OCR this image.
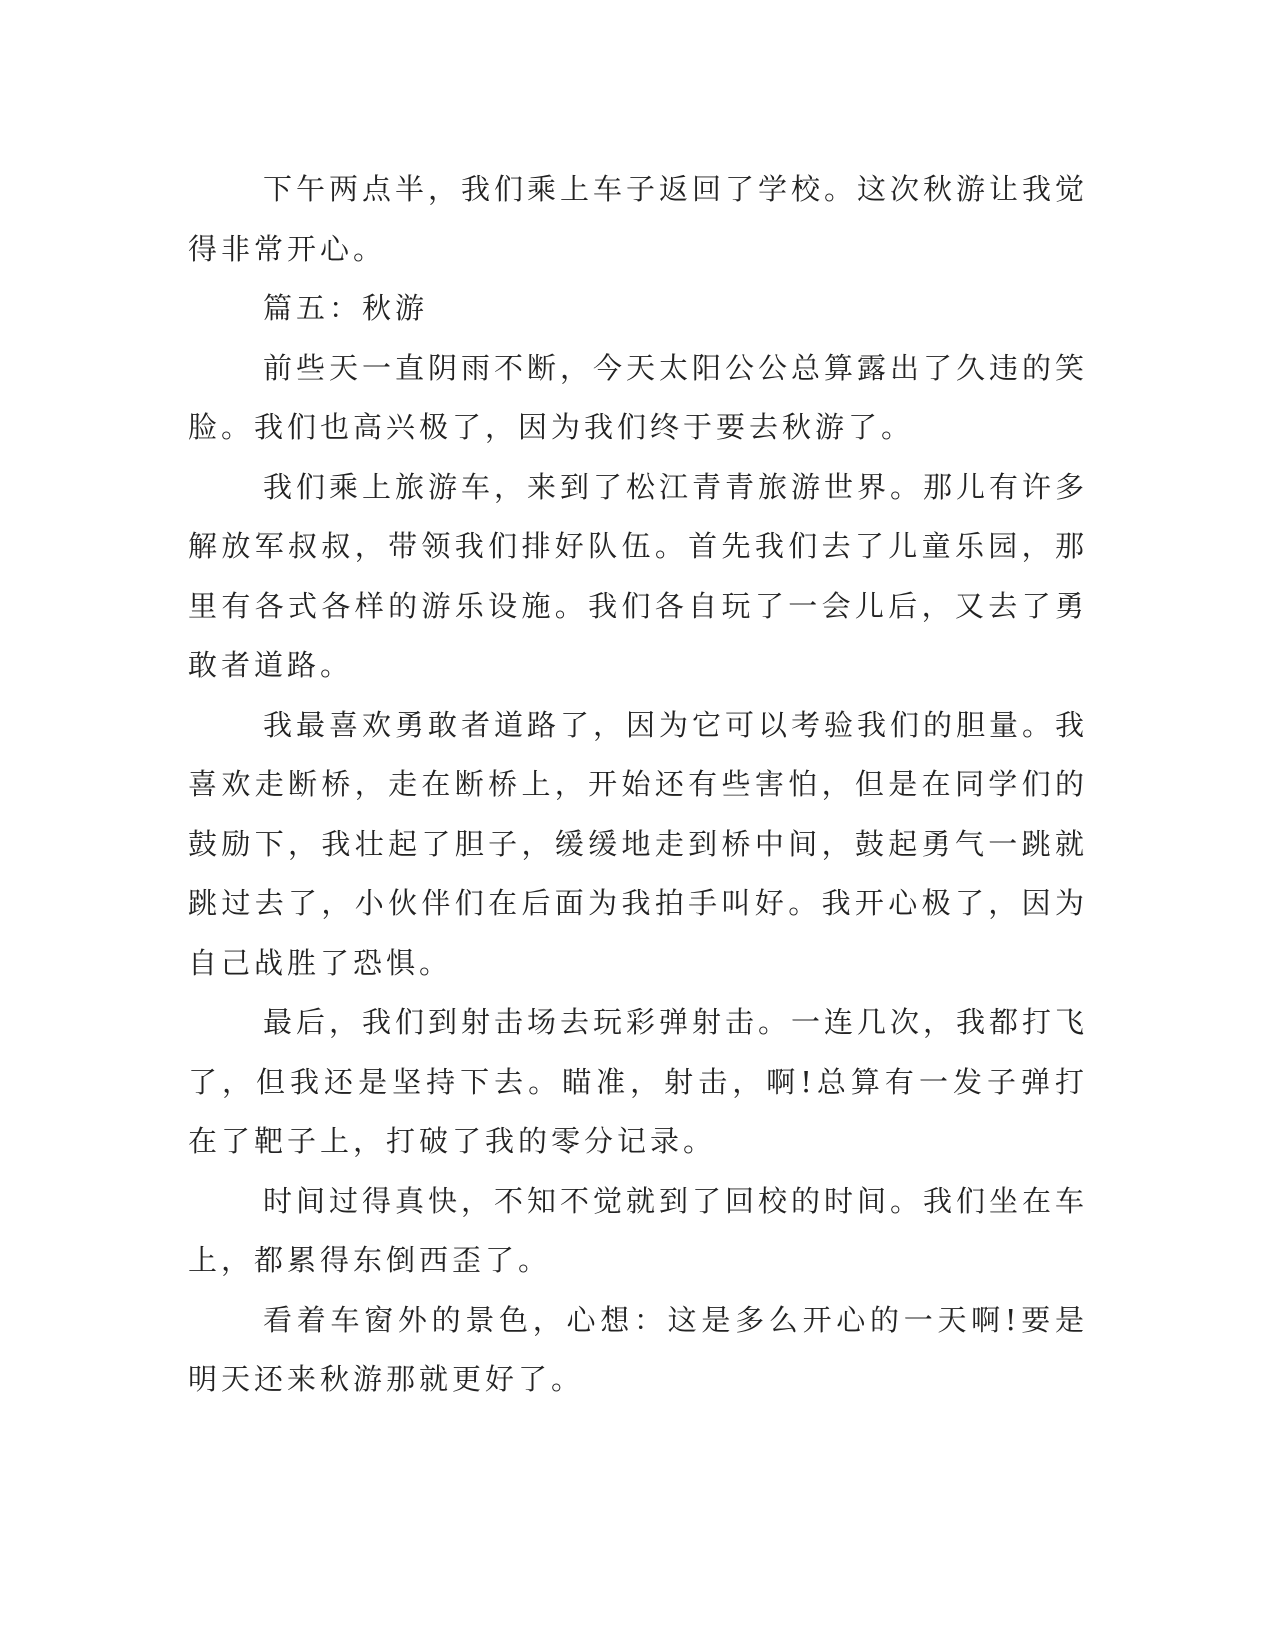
下午两点半，我们乘上车子返回了学校。这次秋游让我觉得非常开心。

篇五：秋游

前些天一直阴雨不断，今天太阳公公总算露出了久违的笑脸。我们也高兴极了，因为我们终于要去秋游了。

我们乘上旅游车，来到了松江青青旅游世界。那儿有许多解放军叔叔，带领我们排好队伍。首先我们去了儿童乐园，那里有各式各样的游乐设施。我们各自玩了一会儿后，又去了勇敢者道路。

我最喜欢勇敢者道路了，因为它可以考验我们的胆量。我喜欢走断桥，走在断桥上，开始还有些害怕，但是在同学们的鼓励下，我壮起了胆子，缓缓地走到桥中间，鼓起勇气一跳就跳过去了，小伙伴们在后面为我拍手叫好。我开心极了，因为自己战胜了恐惧。

最后，我们到射击场去玩彩弹射击。一连几次，我都打飞了，但我还是坚持下去。瞄准，射击，啊!总算有一发子弹打在了靶子上，打破了我的零分记录。

时间过得真快，不知不觉就到了回校的时间。我们坐在车上，都累得东倒西歪了。

看着车窗外的景色，心想：这是多么开心的一天啊!要是明天还来秋游那就更好了。
